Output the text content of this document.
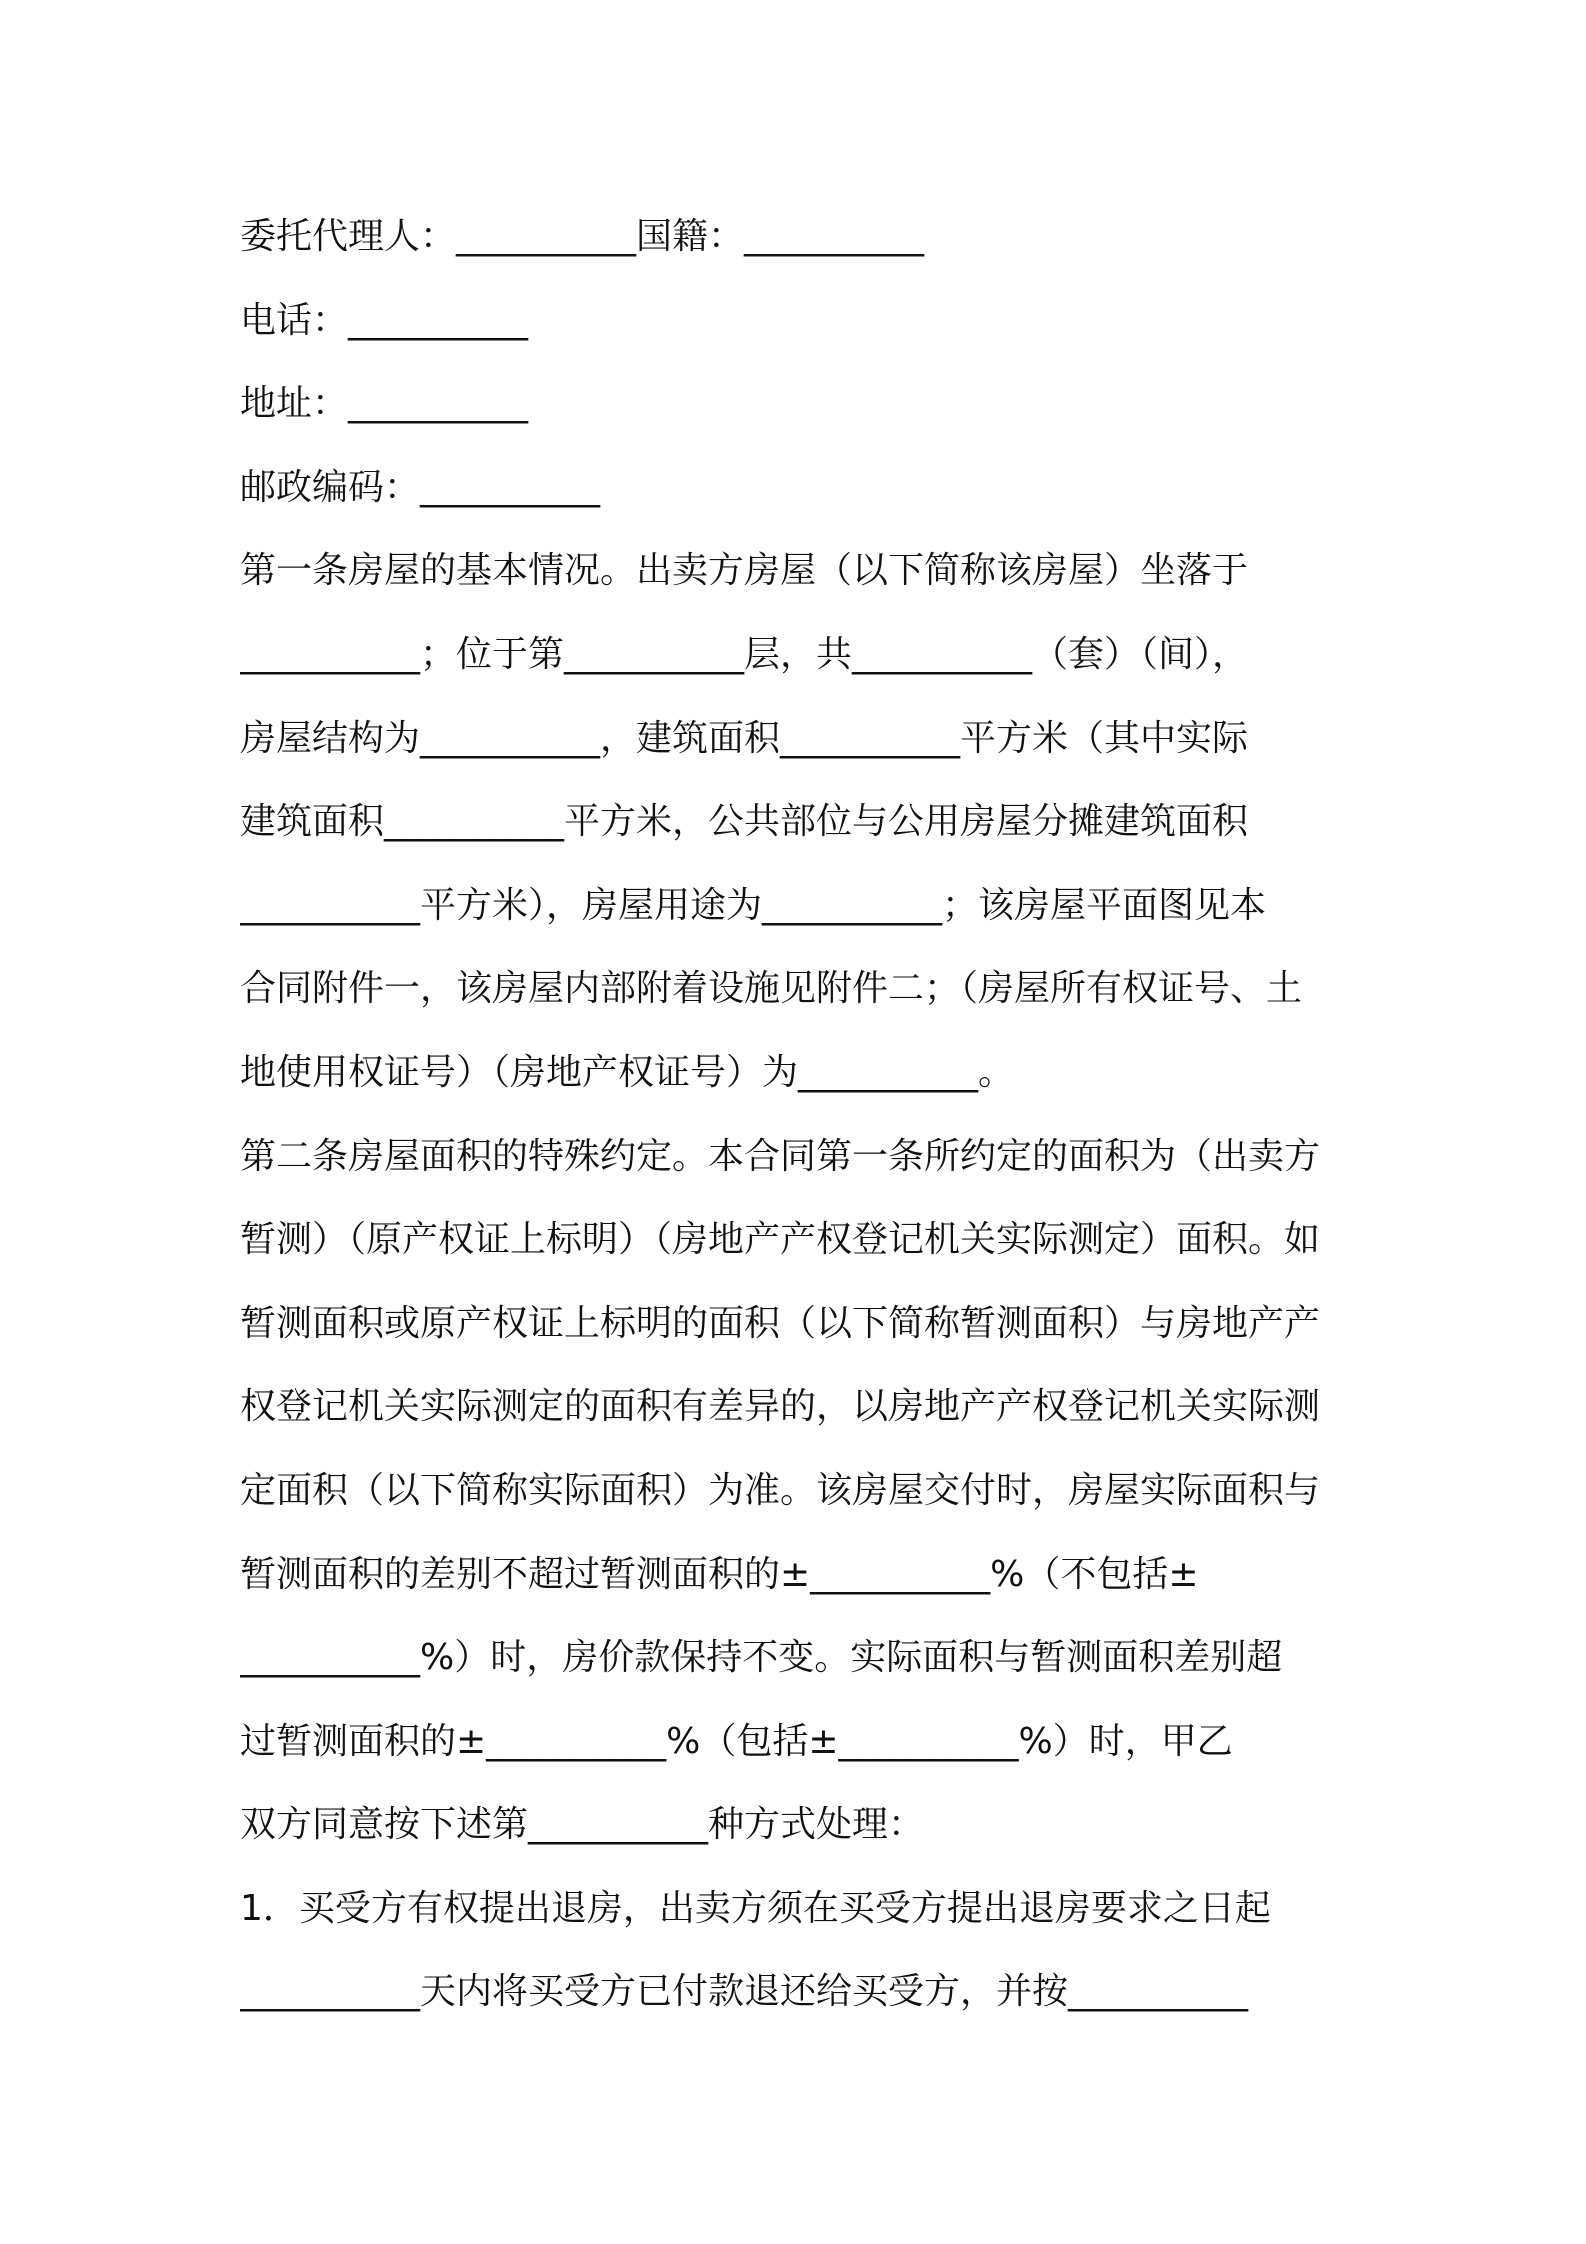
委托代理人：__________国籍：__________
电话：__________
地址：__________
邮政编码：__________
第一条房屋的基本情况。出卖方房屋（以下简称该房屋）坐落于
__________；位于第__________层，共__________（套）（间），
房屋结构为__________，建筑面积__________平方米（其中实际
建筑面积__________平方米，公共部位与公用房屋分摊建筑面积
__________平方米），房屋用途为__________；该房屋平面图见本
合同附件一，该房屋内部附着设施见附件二；（房屋所有权证号、土
地使用权证号）（房地产权证号）为__________。
第二条房屋面积的特殊约定。本合同第一条所约定的面积为（出卖方
暂测）（原产权证上标明）（房地产产权登记机关实际测定）面积。如
暂测面积或原产权证上标明的面积（以下简称暂测面积）与房地产产
权登记机关实际测定的面积有差异的，以房地产产权登记机关实际测
定面积（以下简称实际面积）为准。该房屋交付时，房屋实际面积与
暂测面积的差别不超过暂测面积的±__________%（不包括±
__________%）时，房价款保持不变。实际面积与暂测面积差别超
过暂测面积的±__________%（包括±__________%）时，甲乙
双方同意按下述第__________种方式处理：
1．买受方有权提出退房，出卖方须在买受方提出退房要求之日起
__________天内将买受方已付款退还给买受方，并按__________
